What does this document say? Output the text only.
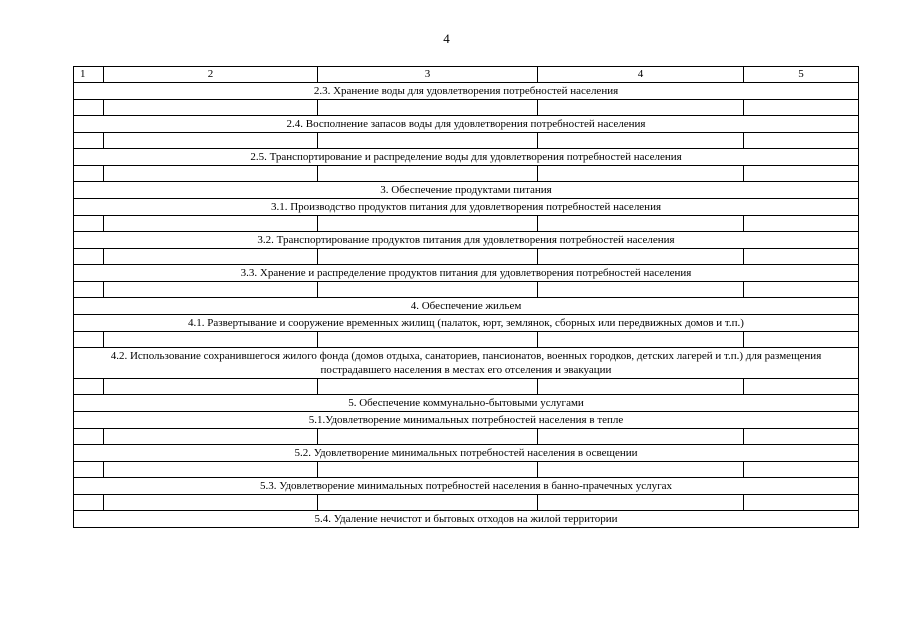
4
1	2	3	4	5
2.3. Хранение воды для удовлетворения потребностей населения				

2.4. Восполнение запасов воды для удовлетворения потребностей населения				

2.5. Транспортирование и распределение воды для удовлетворения потребностей населения				

3. Обеспечение продуктами питания				
3.1. Производство продуктов питания для удовлетворения потребностей населения				

3.2. Транспортирование продуктов питания для удовлетворения потребностей населения				

3.3. Хранение и распределение продуктов питания для удовлетворения потребностей населения				

4. Обеспечение жильем				
4.1. Развертывание и сооружение временных жилищ (палаток, юрт, землянок, сборных или передвижных домов и т.п.)				

4.2. Использование сохранившегося жилого фонда (домов отдыха, санаториев, пансионатов, военных городков, детских лагерей и т.п.) для размещения пострадавшего населения в местах его отселения и эвакуации				

5. Обеспечение коммунально-бытовыми услугами				
5.1.Удовлетворение минимальных потребностей населения в тепле				

5.2. Удовлетворение минимальных потребностей населения в освещении				

5.3. Удовлетворение минимальных потребностей населения в банно-прачечных услугах				

5.4. Удаление нечистот и бытовых отходов на жилой территории				
